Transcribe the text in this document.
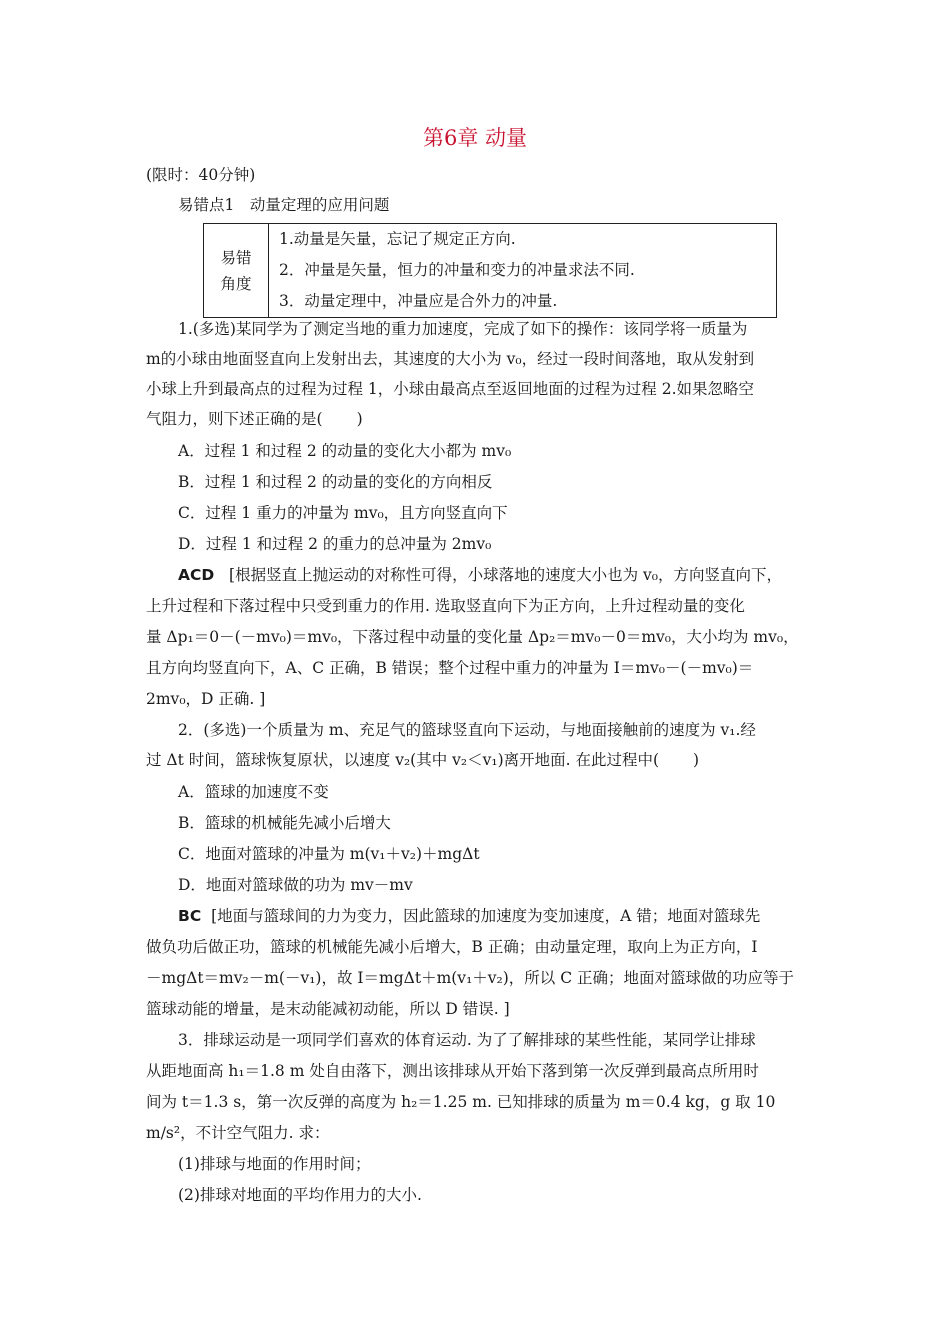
第6章 动量
(限时：40分钟)
易错点1　动量定理的应用问题
易错
角度

1.动量是矢量，忘记了规定正方向.
2．冲量是矢量，恒力的冲量和变力的冲量求法不同.
3．动量定理中，冲量应是合外力的冲量.
1.(多选)某同学为了测定当地的重力加速度，完成了如下的操作：该同学将一质量为
m的小球由地面竖直向上发射出去，其速度的大小为 v₀，经过一段时间落地，取从发射到
小球上升到最高点的过程为过程 1，小球由最高点至返回地面的过程为过程 2.如果忽略空
气阻力，则下述正确的是( )
A．过程 1 和过程 2 的动量的变化大小都为 mv₀
B．过程 1 和过程 2 的动量的变化的方向相反
C．过程 1 重力的冲量为 mv₀，且方向竖直向下
D．过程 1 和过程 2 的重力的总冲量为 2mv₀
ACD [根据竖直上抛运动的对称性可得，小球落地的速度大小也为 v₀，方向竖直向下，
上升过程和下落过程中只受到重力的作用. 选取竖直向下为正方向，上升过程动量的变化
量 Δp₁＝0－(－mv₀)＝mv₀，下落过程中动量的变化量 Δp₂＝mv₀－0＝mv₀，大小均为 mv₀，
且方向均竖直向下，A、C 正确，B 错误；整个过程中重力的冲量为 I＝mv₀－(－mv₀)＝
2mv₀，D 正确. ]
2．(多选)一个质量为 m、充足气的篮球竖直向下运动，与地面接触前的速度为 v₁.经
过 Δt 时间，篮球恢复原状，以速度 v₂(其中 v₂＜v₁)离开地面. 在此过程中( )
A．篮球的加速度不变
B．篮球的机械能先减小后增大
C．地面对篮球的冲量为 m(v₁＋v₂)＋mgΔt
D．地面对篮球做的功为 mv－mv
BC [地面与篮球间的力为变力，因此篮球的加速度为变加速度，A 错；地面对篮球先
做负功后做正功，篮球的机械能先减小后增大，B 正确；由动量定理，取向上为正方向，I
－mgΔt＝mv₂－m(－v₁)，故 I＝mgΔt＋m(v₁＋v₂)，所以 C 正确；地面对篮球做的功应等于
篮球动能的增量，是末动能减初动能，所以 D 错误. ]
3．排球运动是一项同学们喜欢的体育运动. 为了了解排球的某些性能，某同学让排球
从距地面高 h₁＝1.8 m 处自由落下，测出该排球从开始下落到第一次反弹到最高点所用时
间为 t＝1.3 s，第一次反弹的高度为 h₂＝1.25 m. 已知排球的质量为 m＝0.4 kg，g 取 10
m/s²，不计空气阻力. 求：
(1)排球与地面的作用时间；
(2)排球对地面的平均作用力的大小.
